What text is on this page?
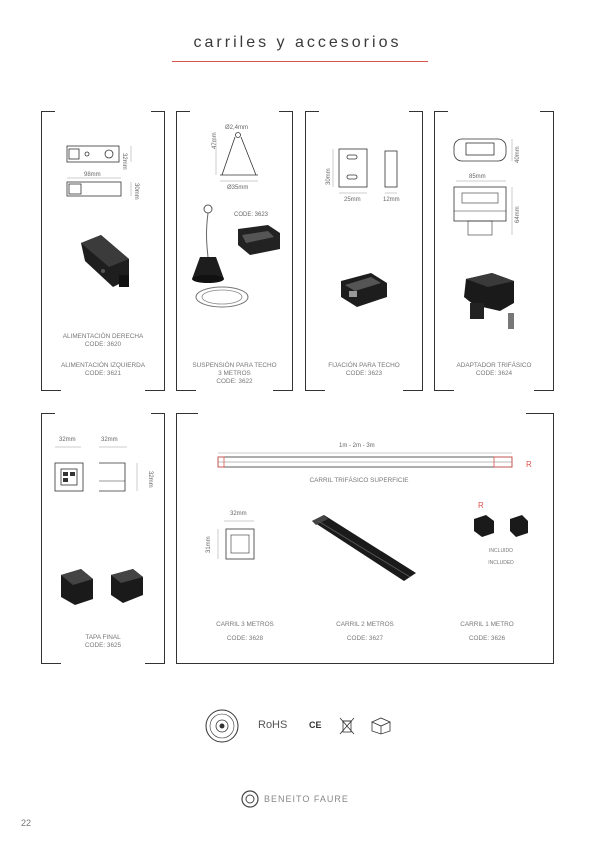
carriles y accesorios
32mm
98mm
30mm
ALIMENTACIÓN DERECHA
CODE: 3620
ALIMENTACIÓN IZQUIERDA
CODE: 3621
Ø2,4mm
47mm
Ø35mm
CODE: 3623
SUSPENSIÓN PARA TECHO
3 METROS
CODE: 3622
30mm
25mm	12mm
FIJACIÓN PARA TECHO
CODE: 3623
40mm
85mm
64mm
ADAPTADOR TRIFÁSICO
CODE: 3624
32mm	32mm
32mm
TAPA FINAL
CODE: 3625
1m - 2m - 3m
R
CARRIL TRIFÁSICO SUPERFICIE
32mm
31mm
R
INCLUIDO
INCLUDED
CARRIL 3 METROS
CODE: 3628
CARRIL 2 METROS
CODE: 3627
CARRIL 1 METRO
CODE: 3626
RoHS CE
BENEITO FAURE
22
